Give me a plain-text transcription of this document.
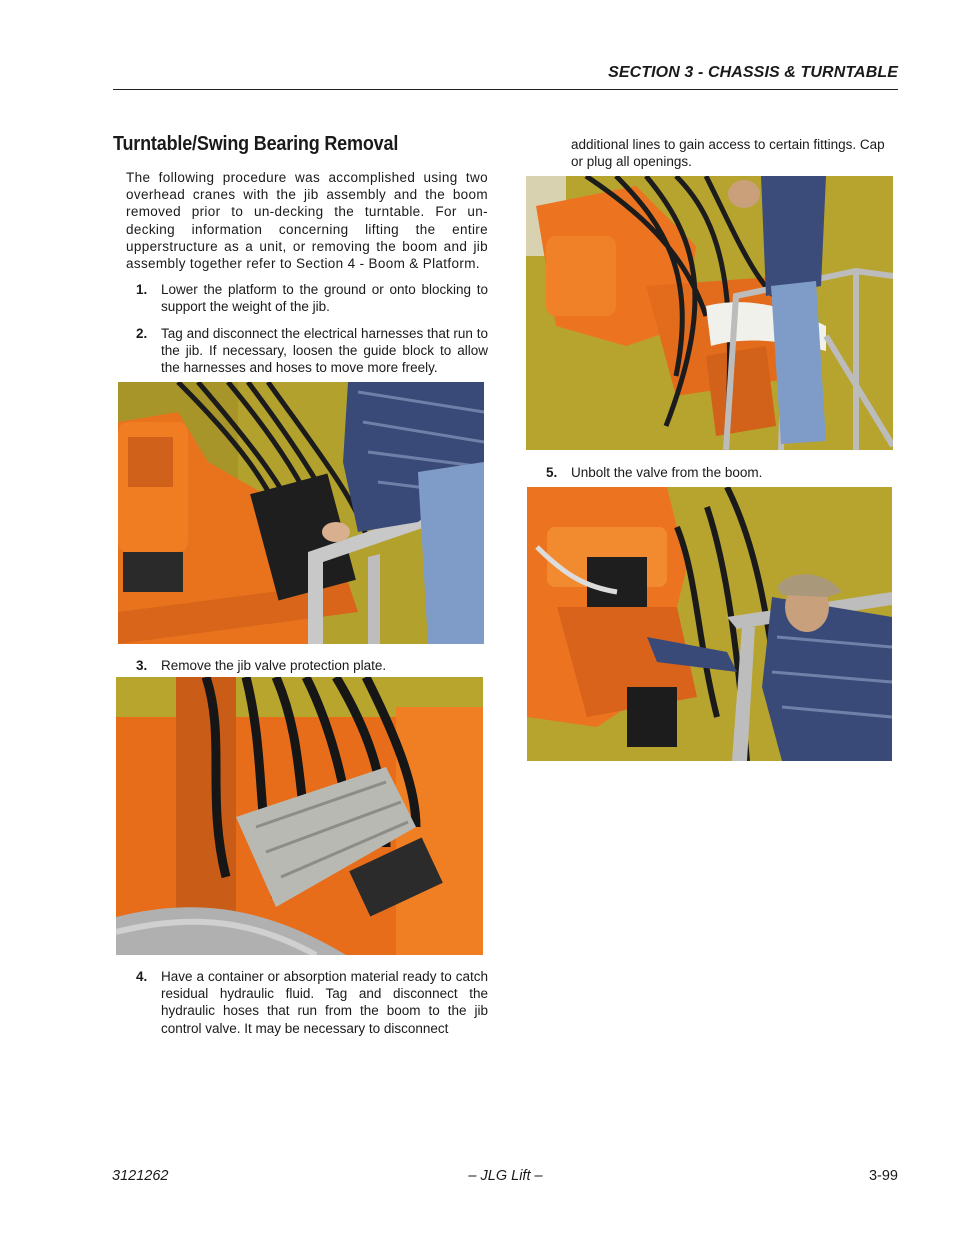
SECTION 3 - CHASSIS & TURNTABLE
Turntable/Swing Bearing Removal
The following procedure was accomplished using two overhead cranes with the jib assembly and the boom removed prior to un-decking the turntable. For un-decking information concerning lifting the entire upperstructure as a unit, or removing the boom and jib assembly together refer to Section 4 - Boom & Platform.
1.	Lower the platform to the ground or onto blocking to support the weight of the jib.
2.	Tag and disconnect the electrical harnesses that run to the jib. If necessary, loosen the guide block to allow the harnesses and hoses to move more freely.
3.	Remove the jib valve protection plate.
4.	Have a container or absorption material ready to catch residual hydraulic fluid. Tag and disconnect the hydraulic hoses that run from the boom to the jib control valve. It may be necessary to disconnect
additional lines to gain access to certain fittings. Cap or plug all openings.
5.	Unbolt the valve from the boom.
3121262	– JLG Lift –	3-99
